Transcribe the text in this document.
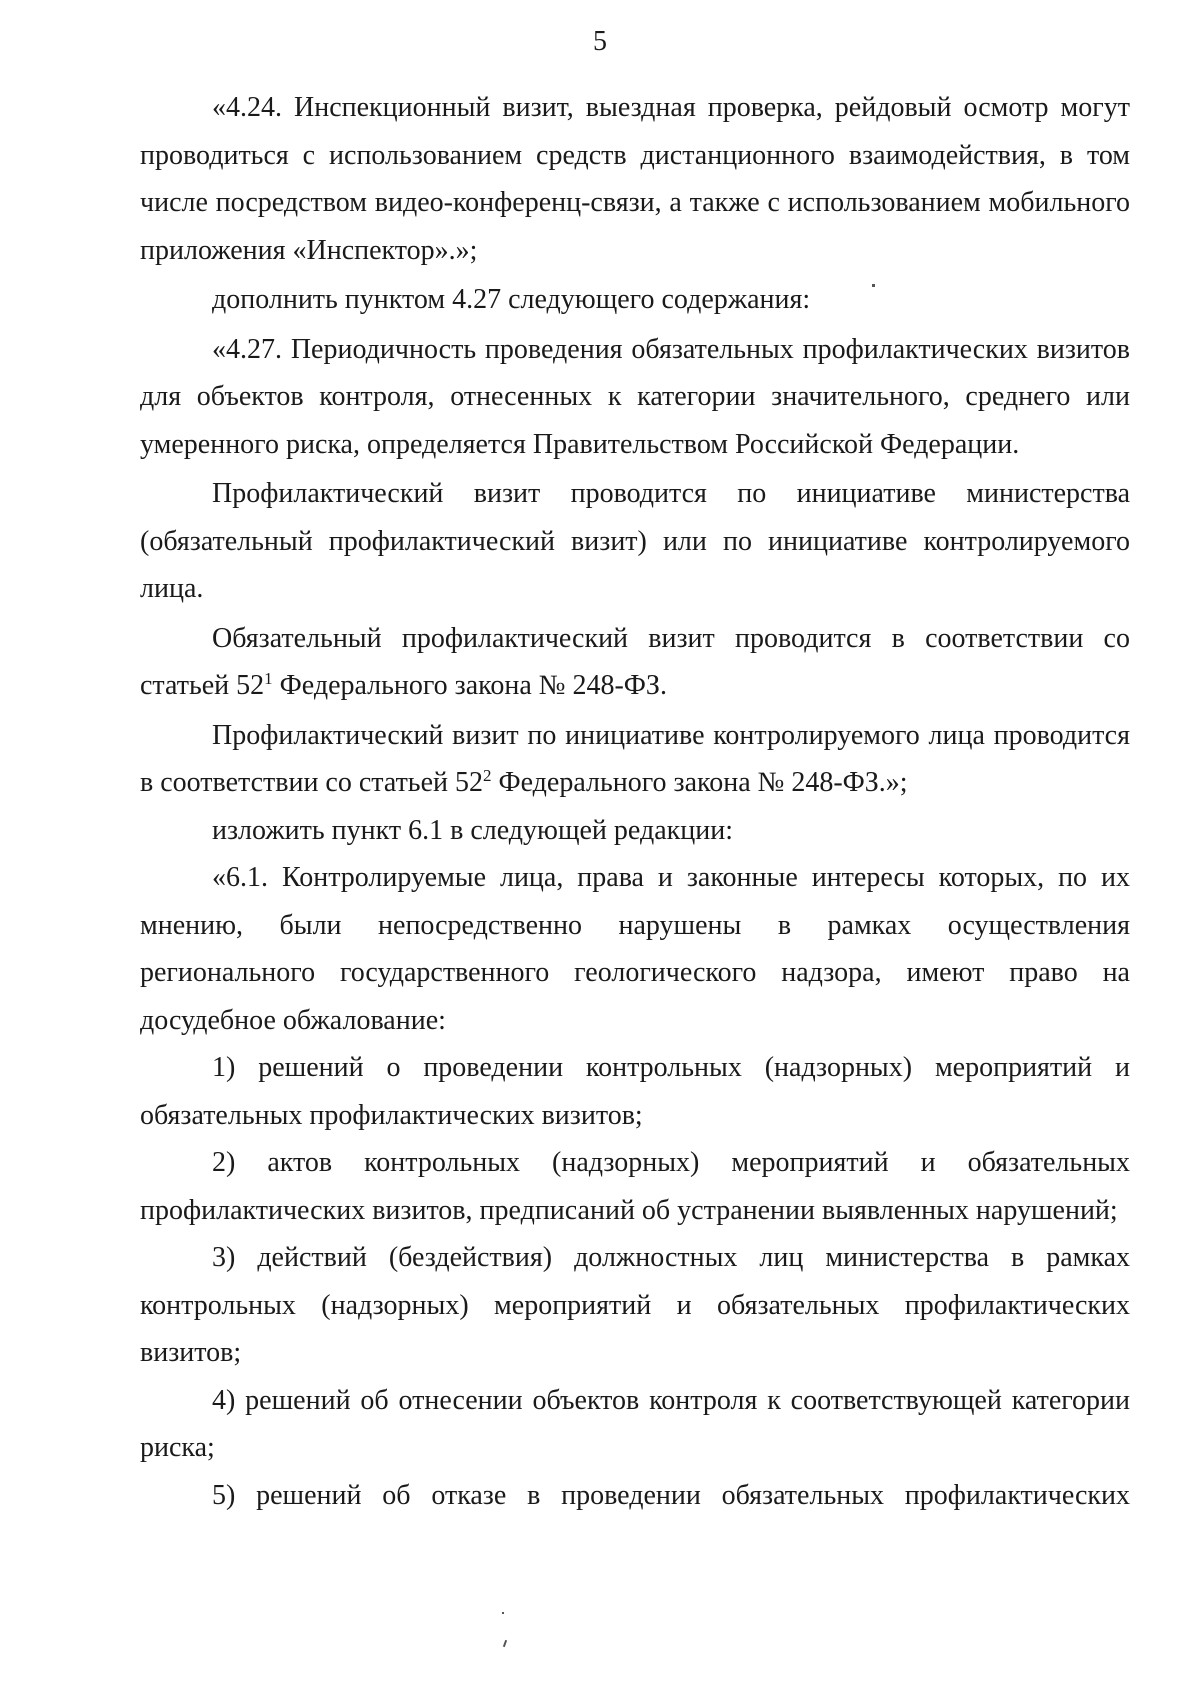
5

«4.24. Инспекционный визит, выездная проверка, рейдовый осмотр могут проводиться с использованием средств дистанционного взаимодействия, в том числе посредством видео-конференц-связи, а также с использованием мобильного приложения «Инспектор».»;

дополнить пунктом 4.27 следующего содержания:

«4.27. Периодичность проведения обязательных профилактических визитов для объектов контроля, отнесенных к категории значительного, среднего или умеренного риска, определяется Правительством Российской Федерации.

Профилактический визит проводится по инициативе министерства (обязательный профилактический визит) или по инициативе контролируемого лица.

Обязательный профилактический визит проводится в соответствии со статьей $52^1$ Федерального закона № 248-ФЗ.

Профилактический визит по инициативе контролируемого лица проводится в соответствии со статьей $52^2$ Федерального закона № 248-ФЗ.»;

изложить пункт 6.1 в следующей редакции:

«6.1. Контролируемые лица, права и законные интересы которых, по их мнению, были непосредственно нарушены в рамках осуществления регионального государственного геологического надзора, имеют право на досудебное обжалование:

1) решений о проведении контрольных (надзорных) мероприятий и обязательных профилактических визитов;

2) актов контрольных (надзорных) мероприятий и обязательных профилактических визитов, предписаний об устранении выявленных нарушений;

3) действий (бездействия) должностных лиц министерства в рамках контрольных (надзорных) мероприятий и обязательных профилактических визитов;

4) решений об отнесении объектов контроля к соответствующей категории риска;

5) решений об отказе в проведении обязательных профилактических
